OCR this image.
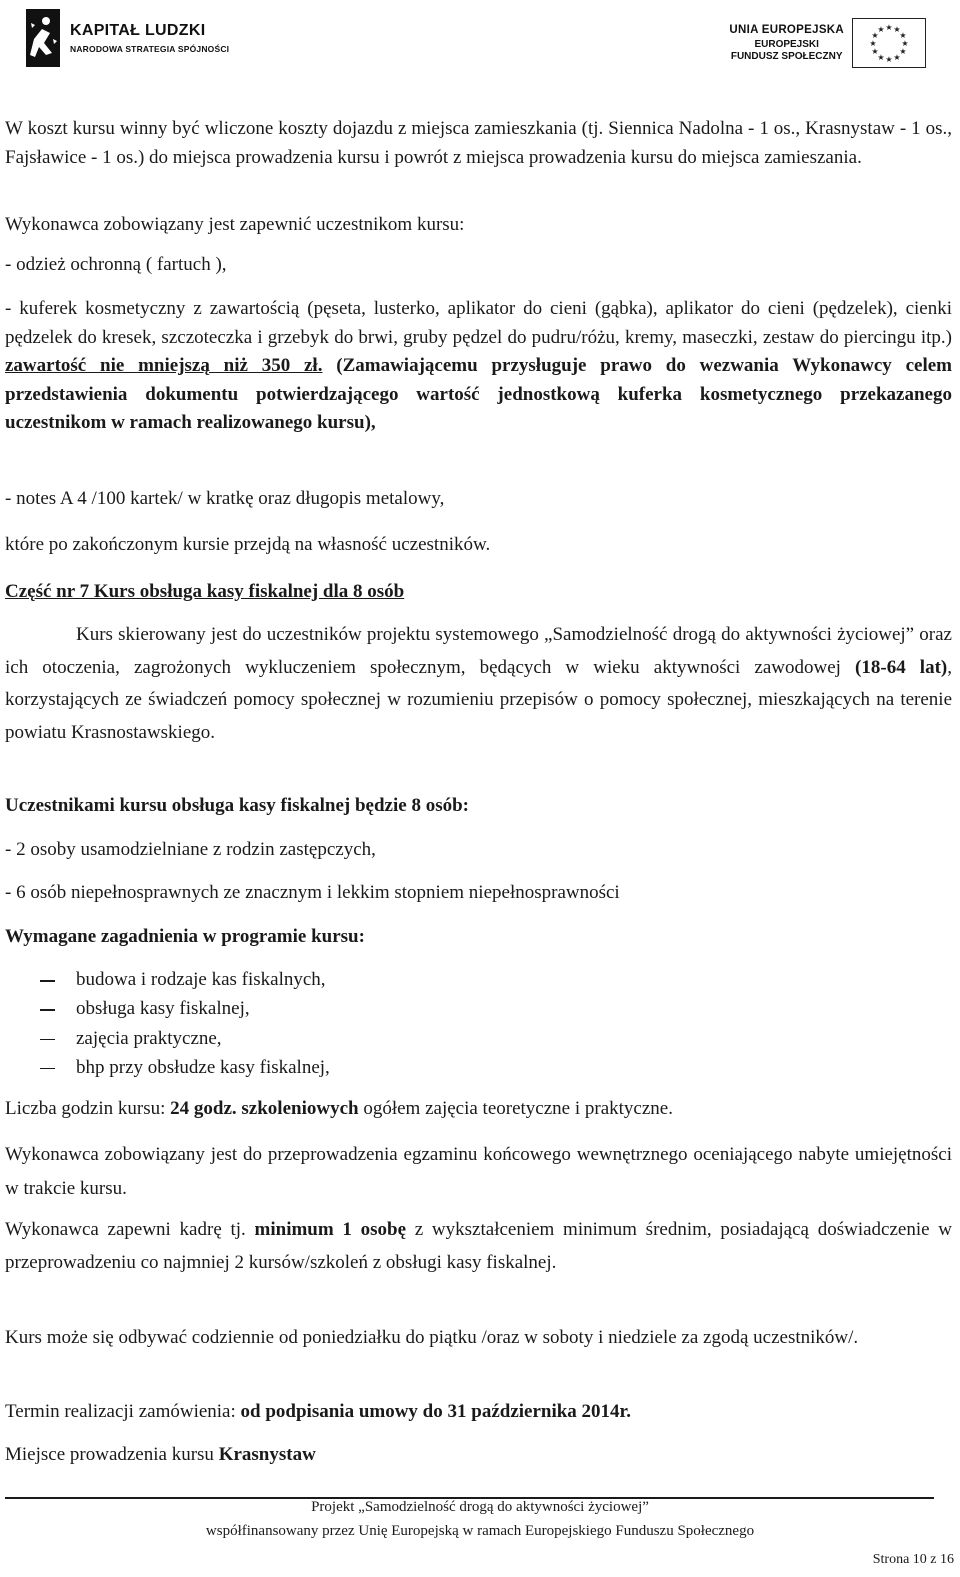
KAPITAŁ LUDZKI
NARODOWA STRATEGIA SPÓJNOŚCI
UNIA EUROPEJSKA
EUROPEJSKI
FUNDUSZ SPOŁECZNY
★ ★
★
★
★
★
★
★
★
★
★
★

W koszt kursu winny być wliczone koszty dojazdu z miejsca zamieszkania (tj. Siennica Nadolna - 1 os., Krasnystaw - 1 os., Fajsławice - 1 os.) do miejsca prowadzenia kursu i powrót z miejsca prowadzenia kursu do miejsca zamieszania.

Wykonawca zobowiązany jest zapewnić uczestnikom kursu:

- odzież ochronną ( fartuch ),

- kuferek kosmetyczny z zawartością (pęseta, lusterko, aplikator do cieni (gąbka), aplikator do cieni (pędzelek), cienki pędzelek do kresek, szczoteczka i grzebyk do brwi, gruby pędzel do pudru/różu, kremy, maseczki, zestaw do piercingu itp.) zawartość nie mniejszą niż 350 zł. (Zamawiającemu przysługuje prawo do wezwania Wykonawcy celem przedstawienia dokumentu potwierdzającego wartość jednostkową kuferka kosmetycznego przekazanego uczestnikom w ramach realizowanego kursu),

- notes A 4 /100 kartek/ w kratkę oraz długopis metalowy,

które po zakończonym kursie przejdą na własność uczestników.

Część nr 7 Kurs obsługa kasy fiskalnej dla 8 osób

Kurs skierowany jest do uczestników projektu systemowego „Samodzielność drogą do aktywności życiowej” oraz ich otoczenia, zagrożonych wykluczeniem społecznym, będących w wieku aktywności zawodowej (18-64 lat), korzystających ze świadczeń pomocy społecznej w rozumieniu przepisów o pomocy społecznej, mieszkających na terenie powiatu Krasnostawskiego.

Uczestnikami kursu obsługa kasy fiskalnej będzie 8 osób:

- 2 osoby usamodzielniane z rodzin zastępczych,

- 6 osób niepełnosprawnych ze znacznym i lekkim stopniem niepełnosprawności

Wymagane zagadnienia w programie kursu:

budowa i rodzaje kas fiskalnych,
obsługa kasy fiskalnej,
zajęcia praktyczne,
bhp przy obsłudze kasy fiskalnej,

Liczba godzin kursu: 24 godz. szkoleniowych ogółem zajęcia teoretyczne i praktyczne.

Wykonawca zobowiązany jest do przeprowadzenia egzaminu końcowego wewnętrznego oceniającego nabyte umiejętności w trakcie kursu.

Wykonawca zapewni kadrę tj. minimum 1 osobę z wykształceniem minimum średnim, posiadającą doświadczenie w przeprowadzeniu co najmniej 2 kursów/szkoleń z obsługi kasy fiskalnej.

Kurs może się odbywać codziennie od poniedziałku do piątku /oraz w soboty i niedziele za zgodą uczestników/.

Termin realizacji zamówienia: od podpisania umowy do 31 października 2014r.

Miejsce prowadzenia kursu Krasnystaw

Projekt „Samodzielność drogą do aktywności życiowej”

współfinansowany przez Unię Europejską w ramach Europejskiego Funduszu Społecznego

Strona 10 z 16
